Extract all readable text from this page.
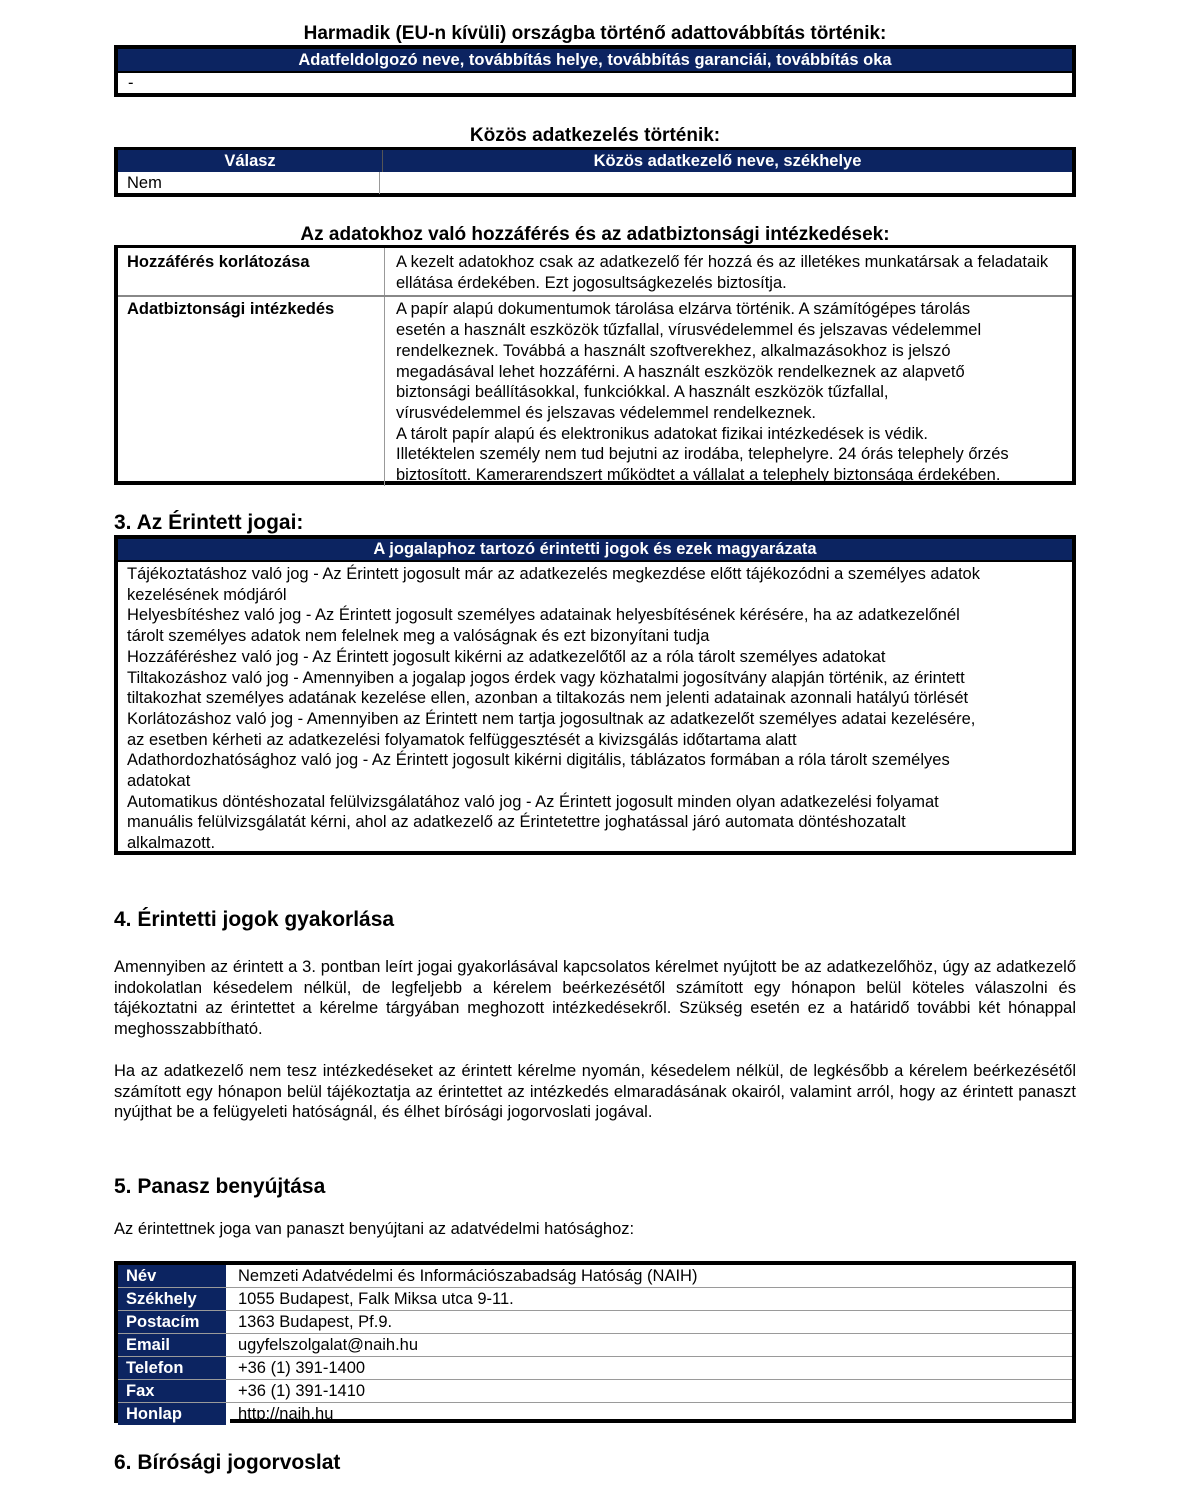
Harmadik (EU-n kívüli) országba történő adattovábbítás történik:
Adatfeldolgozó neve, továbbítás helye, továbbítás garanciái, továbbítás oka
-
Közös adatkezelés történik:
Válasz	Közös adatkezelő neve, székhelye
Nem
Az adatokhoz való hozzáférés és az adatbiztonsági intézkedések:
Hozzáférés korlátozása	A kezelt adatokhoz csak az adatkezelő fér hozzá és az illetékes munkatársak a feladataik ellátása érdekében. Ezt jogosultságkezelés biztosítja.
Adatbiztonsági intézkedés	A papír alapú dokumentumok tárolása elzárva történik. A számítógépes tárolás
esetén a használt eszközök tűzfallal, vírusvédelemmel és jelszavas védelemmel
rendelkeznek. Továbbá a használt szoftverekhez, alkalmazásokhoz is jelszó
megadásával lehet hozzáférni. A használt eszközök rendelkeznek az alapvető
biztonsági beállításokkal, funkciókkal. A használt eszközök tűzfallal,
vírusvédelemmel és jelszavas védelemmel rendelkeznek.
A tárolt papír alapú és elektronikus adatokat fizikai intézkedések is védik.
Illetéktelen személy nem tud bejutni az irodába, telephelyre. 24 órás telephely őrzés
biztosított. Kamerarendszert működtet a vállalat a telephely biztonsága érdekében.
3. Az Érintett jogai:
A jogalaphoz tartozó érintetti jogok és ezek magyarázata
Tájékoztatáshoz való jog - Az Érintett jogosult már az adatkezelés megkezdése előtt tájékozódni a személyes adatok
kezelésének módjáról
Helyesbítéshez való jog - Az Érintett jogosult személyes adatainak helyesbítésének kérésére, ha az adatkezelőnél
tárolt személyes adatok nem felelnek meg a valóságnak és ezt bizonyítani tudja
Hozzáféréshez való jog - Az Érintett jogosult kikérni az adatkezelőtől az a róla tárolt személyes adatokat
Tiltakozáshoz való jog - Amennyiben a jogalap jogos érdek vagy közhatalmi jogosítvány alapján történik, az érintett
tiltakozhat személyes adatának kezelése ellen, azonban a tiltakozás nem jelenti adatainak azonnali hatályú törlését
Korlátozáshoz való jog - Amennyiben az Érintett nem tartja jogosultnak az adatkezelőt személyes adatai kezelésére,
az esetben kérheti az adatkezelési folyamatok felfüggesztését a kivizsgálás időtartama alatt
Adathordozhatósághoz való jog - Az Érintett jogosult kikérni digitális, táblázatos formában a róla tárolt személyes
adatokat
Automatikus döntéshozatal felülvizsgálatához való jog - Az Érintett jogosult minden olyan adatkezelési folyamat
manuális felülvizsgálatát kérni, ahol az adatkezelő az Érintetettre joghatással járó automata döntéshozatalt
alkalmazott.
4. Érintetti jogok gyakorlása
Amennyiben az érintett a 3. pontban leírt jogai gyakorlásával kapcsolatos kérelmet nyújtott be az adatkezelőhöz, úgy az adatkezelő indokolatlan késedelem nélkül, de legfeljebb a kérelem beérkezésétől számított egy hónapon belül köteles válaszolni és tájékoztatni az érintettet a kérelme tárgyában meghozott intézkedésekről. Szükség esetén ez a határidő további két hónappal meghosszabbítható.
Ha az adatkezelő nem tesz intézkedéseket az érintett kérelme nyomán, késedelem nélkül, de legkésőbb a kérelem beérkezésétől számított egy hónapon belül tájékoztatja az érintettet az intézkedés elmaradásának okairól, valamint arról, hogy az érintett panaszt nyújthat be a felügyeleti hatóságnál, és élhet bírósági jogorvoslati jogával.
5. Panasz benyújtása
Az érintettnek joga van panaszt benyújtani az adatvédelmi hatósághoz:
Név	Nemzeti Adatvédelmi és Információszabadság Hatóság (NAIH)
Székhely	1055 Budapest, Falk Miksa utca 9-11.
Postacím	1363 Budapest, Pf.9.
Email	ugyfelszolgalat@naih.hu
Telefon	+36 (1) 391-1400
Fax	+36 (1) 391-1410
Honlap	http://naih.hu
6. Bírósági jogorvoslat
